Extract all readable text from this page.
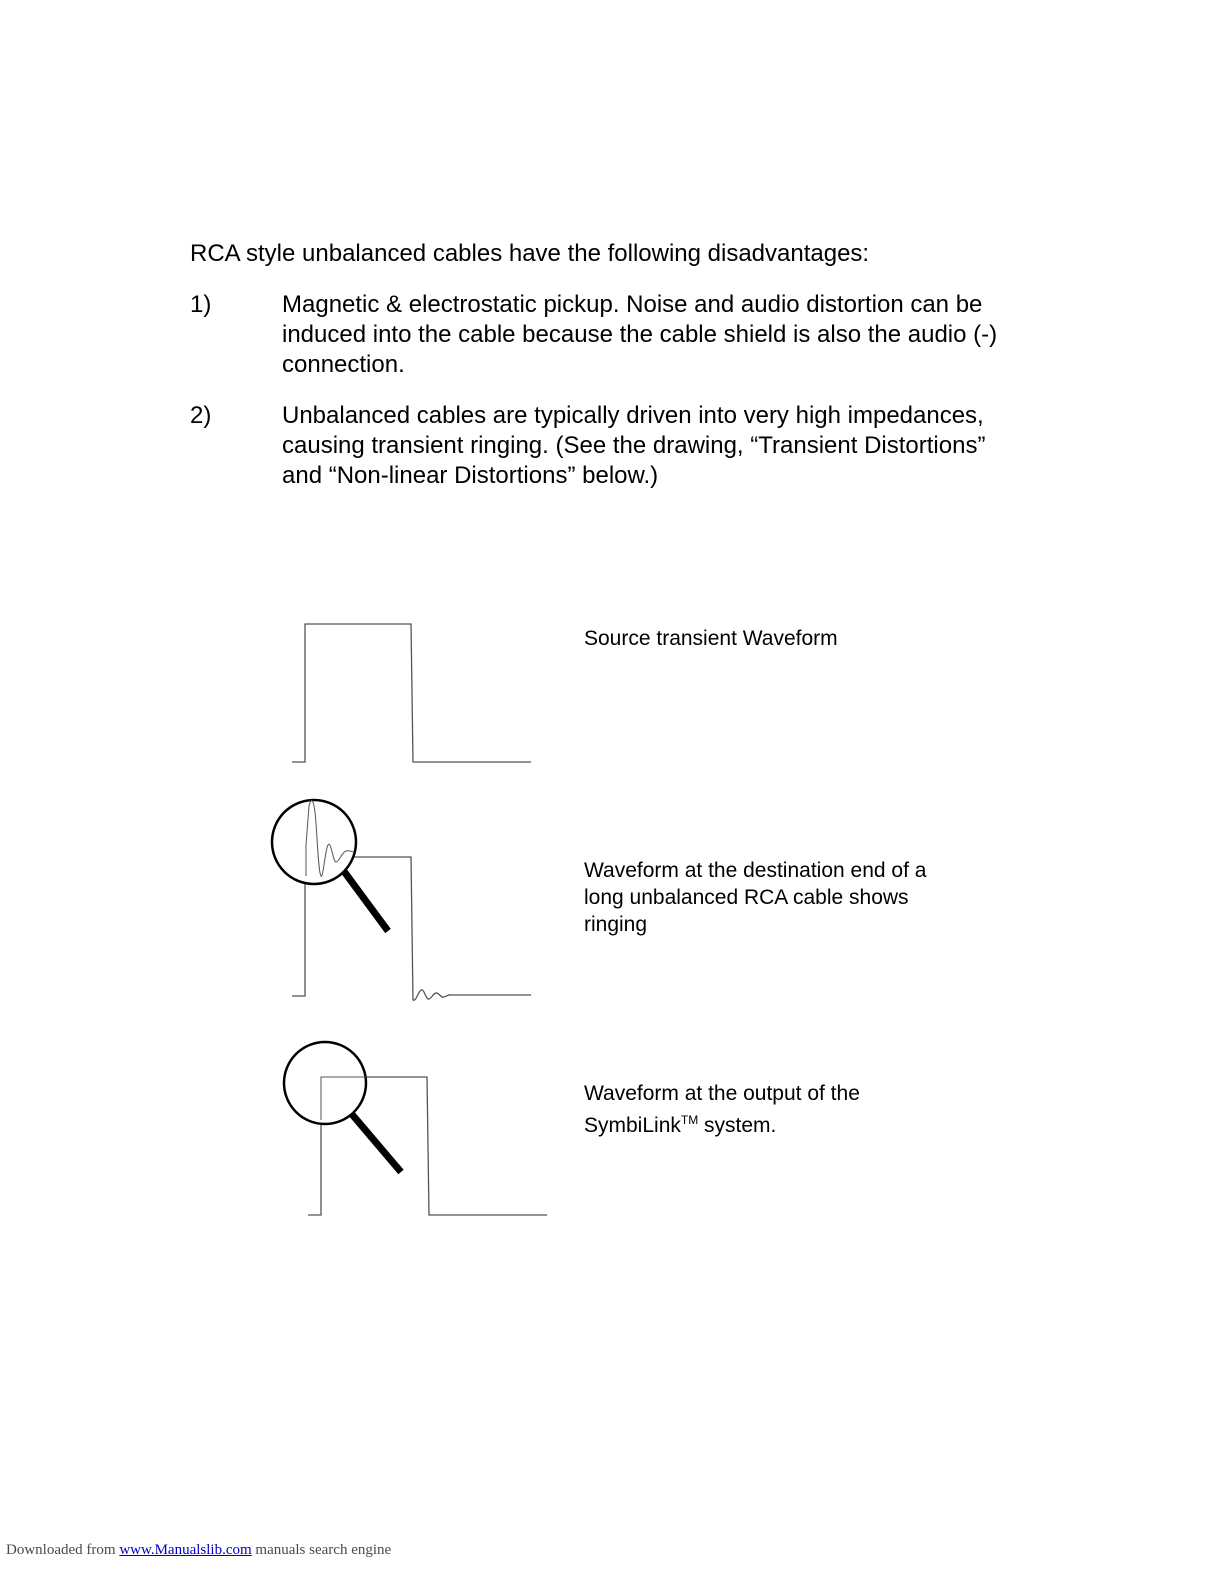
RCA style unbalanced cables have the following disadvantages:

1)	Magnetic & electrostatic pickup. Noise and audio distortion can be induced into the cable because the cable shield is also the audio (-) connection.
2)	Unbalanced cables are typically driven into very high impedances, causing transient ringing. (See the drawing, “Transient Distortions” and “Non-linear Distortions” below.)
Source transient Waveform
Waveform at the destination end of a long unbalanced RCA cable shows ringing
Waveform at the output of the SymbiLink™ system.
Downloaded from www.Manualslib.com manuals search engine
